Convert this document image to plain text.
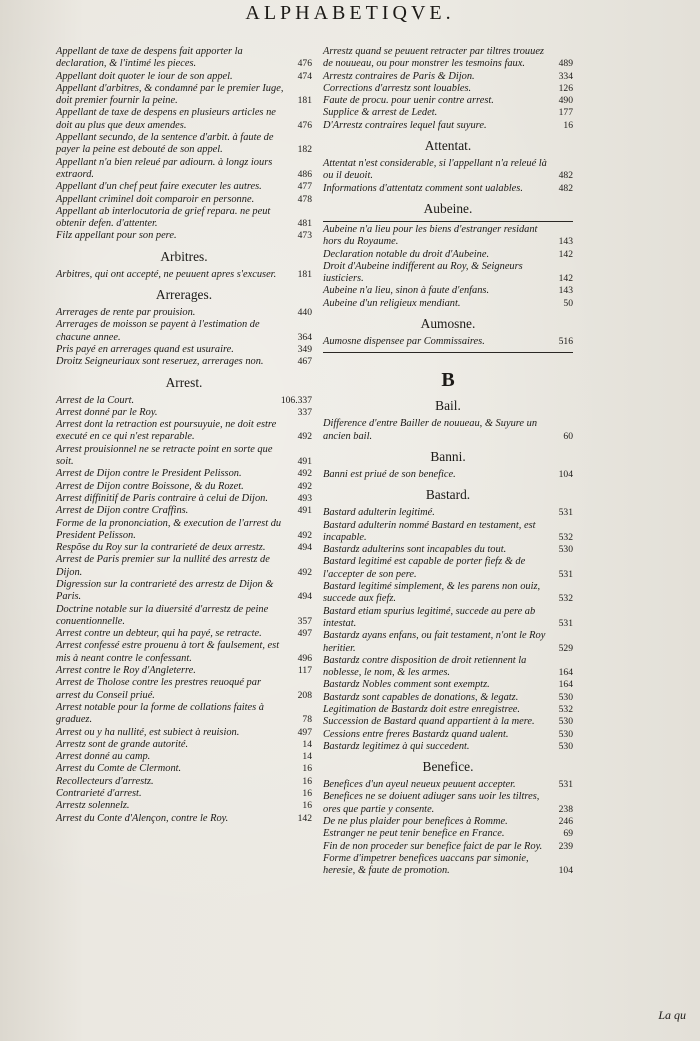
ALPHABETIQVE.
Appellant de taxe de despens fait apporter la declaration, & l'intimé les pieces.	476
Appellant doit quoter le iour de son appel.	474
Appellant d'arbitres, & condamné par le premier Iuge, doit premier fournir la peine.	181
Appellant de taxe de despens en plusieurs articles ne doit au plus que deux amendes.	476
Appellant secundo, de la sentence d'arbit. à faute de payer la peine est debouté de son appel.	182
Appellant n'a bien releué par adiourn. à longz iours extraord.	486
Appellant d'un chef peut faire executer les autres.	477
Appellant criminel doit comparoir en personne.	478
Appellant ab interlocutoria de grief repara. ne peut obtenir defen. d'attenter.	481
Filz appellant pour son pere.	473
Arbitres.
Arbitres, qui ont accepté, ne peuuent apres s'excuser.	181
Arrerages.
Arrerages de rente par prouision.	440
Arrerages de moisson se payent à l'estimation de chacune annee.	364
Pris payé en arrerages quand est usuraire.	349
Droitz Seigneuriaux sont reseruez, arrerages non.	467
Arrest.
Arrest de la Court.	106.337
Arrest donné par le Roy.	337
Arrest dont la retraction est poursuyuie, ne doit estre executé en ce qui n'est reparable.	492
Arrest prouisionnel ne se retracte point en sorte que soit.	491
Arrest de Dijon contre le President Pelisson.	492
Arrest de Dijon contre Boissone, & du Rozet.	492
Arrest diffinitif de Paris contraire à celui de Dijon.	493
Arrest de Dijon contre Craffins.	491
Forme de la prononciation, & execution de l'arrest du President Pelisson.	492
Respõse du Roy sur la contrarieté de deux arrestz.	494
Arrest de Paris premier sur la nullité des arrestz de Dijon.	492
Digression sur la contrarieté des arrestz de Dijon & Paris.	494
Doctrine notable sur la diuersité d'arrestz de peine conuentionnelle.	357
Arrest contre un debteur, qui ha payé, se retracte.	497
Arrest confessé estre prouenu à tort & faulsement, est mis à neant contre le confessant.	496
Arrest contre le Roy d'Angleterre.	117
Arrest de Tholose contre les prestres reuoqué par arrest du Conseil priué.	208
Arrest notable pour la forme de collations faites à graduez.	78
Arrest ou y ha nullité, est subiect à reuision.	497
Arrestz sont de grande autorité.	14
Arrest donné au camp.	14
Arrest du Comte de Clermont.	16
Recollecteurs d'arrestz.	16
Contrarieté d'arrest.	16
Arrestz solennelz.	16
Arrest du Conte d'Alençon, contre le Roy.	142
Arrestz quand se peuuent retracter par tiltres trouuez de nouueau, ou pour monstrer les tesmoins faux.	489
Arrestz contraires de Paris & Dijon.	334
Corrections d'arrestz sont louables.	126
Faute de procu. pour uenir contre arrest.	490
Supplice & arrest de Ledet.	177
D'Arrestz contraires lequel faut suyure.	16
Attentat.
Attentat n'est considerable, si l'appellant n'a releué là ou il deuoit.	482
Informations d'attentatz comment sont ualables.	482
Aubeine.
Aubeine n'a lieu pour les biens d'estranger residant hors du Royaume.	143
Declaration notable du droit d'Aubeine.	142
Droit d'Aubeine indifferent au Roy, & Seigneurs iusticiers.	142
Aubeine n'a lieu, sinon à faute d'enfans.	143
Aubeine d'un religieux mendiant.	50
Aumosne.
Aumosne dispensee par Commissaires.	516
B
Bail.
Difference d'entre Bailler de nouueau, & Suyure un ancien bail.	60
Banni.
Banni est priué de son benefice.	104
Bastard.
Bastard adulterin legitimé.	531
Bastard adulterin nommé Bastard en testament, est incapable.	532
Bastardz adulterins sont incapables du tout.	530
Bastard legitimé est capable de porter fiefz & de l'accepter de son pere.	531
Bastard legitimé simplement, & les parens non ouiz, succede aux fiefz.	532
Bastard etiam spurius legitimé, succede au pere ab intestat.	531
Bastardz ayans enfans, ou fait testament, n'ont le Roy heritier.	529
Bastardz contre disposition de droit retiennent la noblesse, le nom, & les armes.	164
Bastardz Nobles comment sont exemptz.	164
Bastardz sont capables de donations, & legatz.	530
Legitimation de Bastardz doit estre enregistree.	532
Succession de Bastard quand appartient à la mere.	530
Cessions entre freres Bastardz quand ualent.	530
Bastardz legitimez à qui succedent.	530
Benefice.
Benefices d'un ayeul neueux peuuent accepter.	531
Benefices ne se doiuent adiuger sans uoir les tiltres, ores que partie y consente.	238
De ne plus plaider pour benefices à Romme.	246
Estranger ne peut tenir benefice en France.	69
Fin de non proceder sur benefice faict de par le Roy.	239
Forme d'impetrer benefices uaccans par simonie, heresie, & faute de promotion.	104
La qu
